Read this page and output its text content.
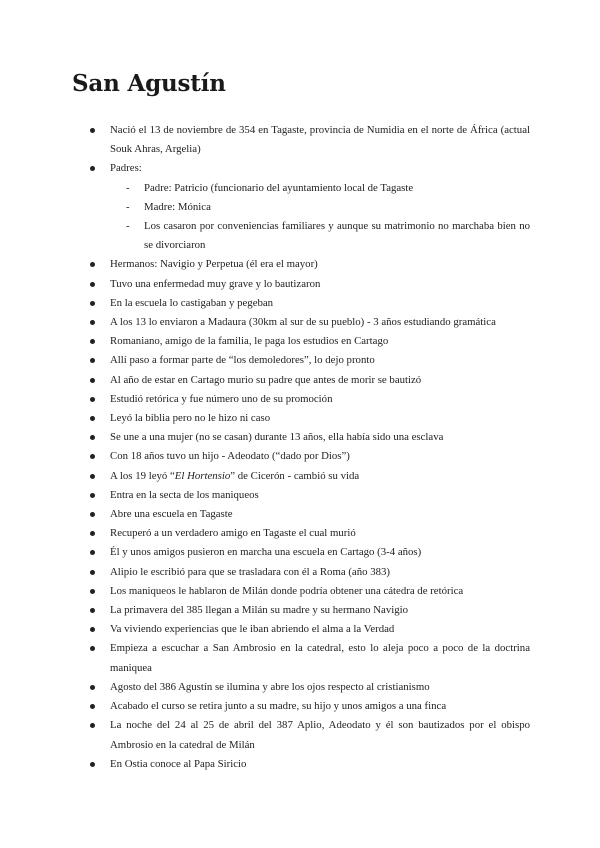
San Agustín
Nació el 13 de noviembre de 354 en Tagaste, provincia de Numidia en el norte de África (actual Souk Ahras, Argelia)
Padres:
- Padre: Patricio (funcionario del ayuntamiento local de Tagaste
- Madre: Mónica
- Los casaron por conveniencias familiares y aunque su matrimonio no marchaba bien no se divorciaron
Hermanos: Navigio y Perpetua (él era el mayor)
Tuvo una enfermedad muy grave y lo bautizaron
En la escuela lo castigaban y pegeban
A los 13 lo enviaron a Madaura (30km al sur de su pueblo) - 3 años estudiando gramática
Romaniano, amigo de la familia, le paga los estudios en Cartago
Allí paso a formar parte de “los demoledores”, lo dejo pronto
Al año de estar en Cartago murio su padre que antes de morir se bautizó
Estudió retórica y fue número uno de su promoción
Leyó la biblia pero no le hizo ni caso
Se une a una mujer (no se casan) durante 13 años, ella había sido una esclava
Con 18 años tuvo un hijo - Adeodato (“dado por Dios”)
A los 19 leyó “El Hortensio” de Cicerón - cambió su vida
Entra en la secta de los maniqueos
Abre una escuela en Tagaste
Recuperó a un verdadero amigo en Tagaste el cual murió
Él y unos amigos pusieron en marcha una escuela en Cartago (3-4 años)
Alipio le escribió para que se trasladara con él a Roma (año 383)
Los maniqueos le hablaron de Milán donde podría obtener una cátedra de retórica
La primavera del 385 llegan a Milán su madre y su hermano Navigio
Va viviendo experiencias que le iban abriendo el alma a la Verdad
Empieza a escuchar a San Ambrosio en la catedral, esto lo aleja poco a poco de la doctrina maniquea
Agosto del 386 Agustín se ilumina y abre los ojos respecto al cristianismo
Acabado el curso se retira junto a su madre, su hijo y unos amigos a una finca
La noche del 24 al 25 de abril del 387 Aplio, Adeodato y él son bautizados por el obispo Ambrosio en la catedral de Milán
En Ostia conoce al Papa Siricio
